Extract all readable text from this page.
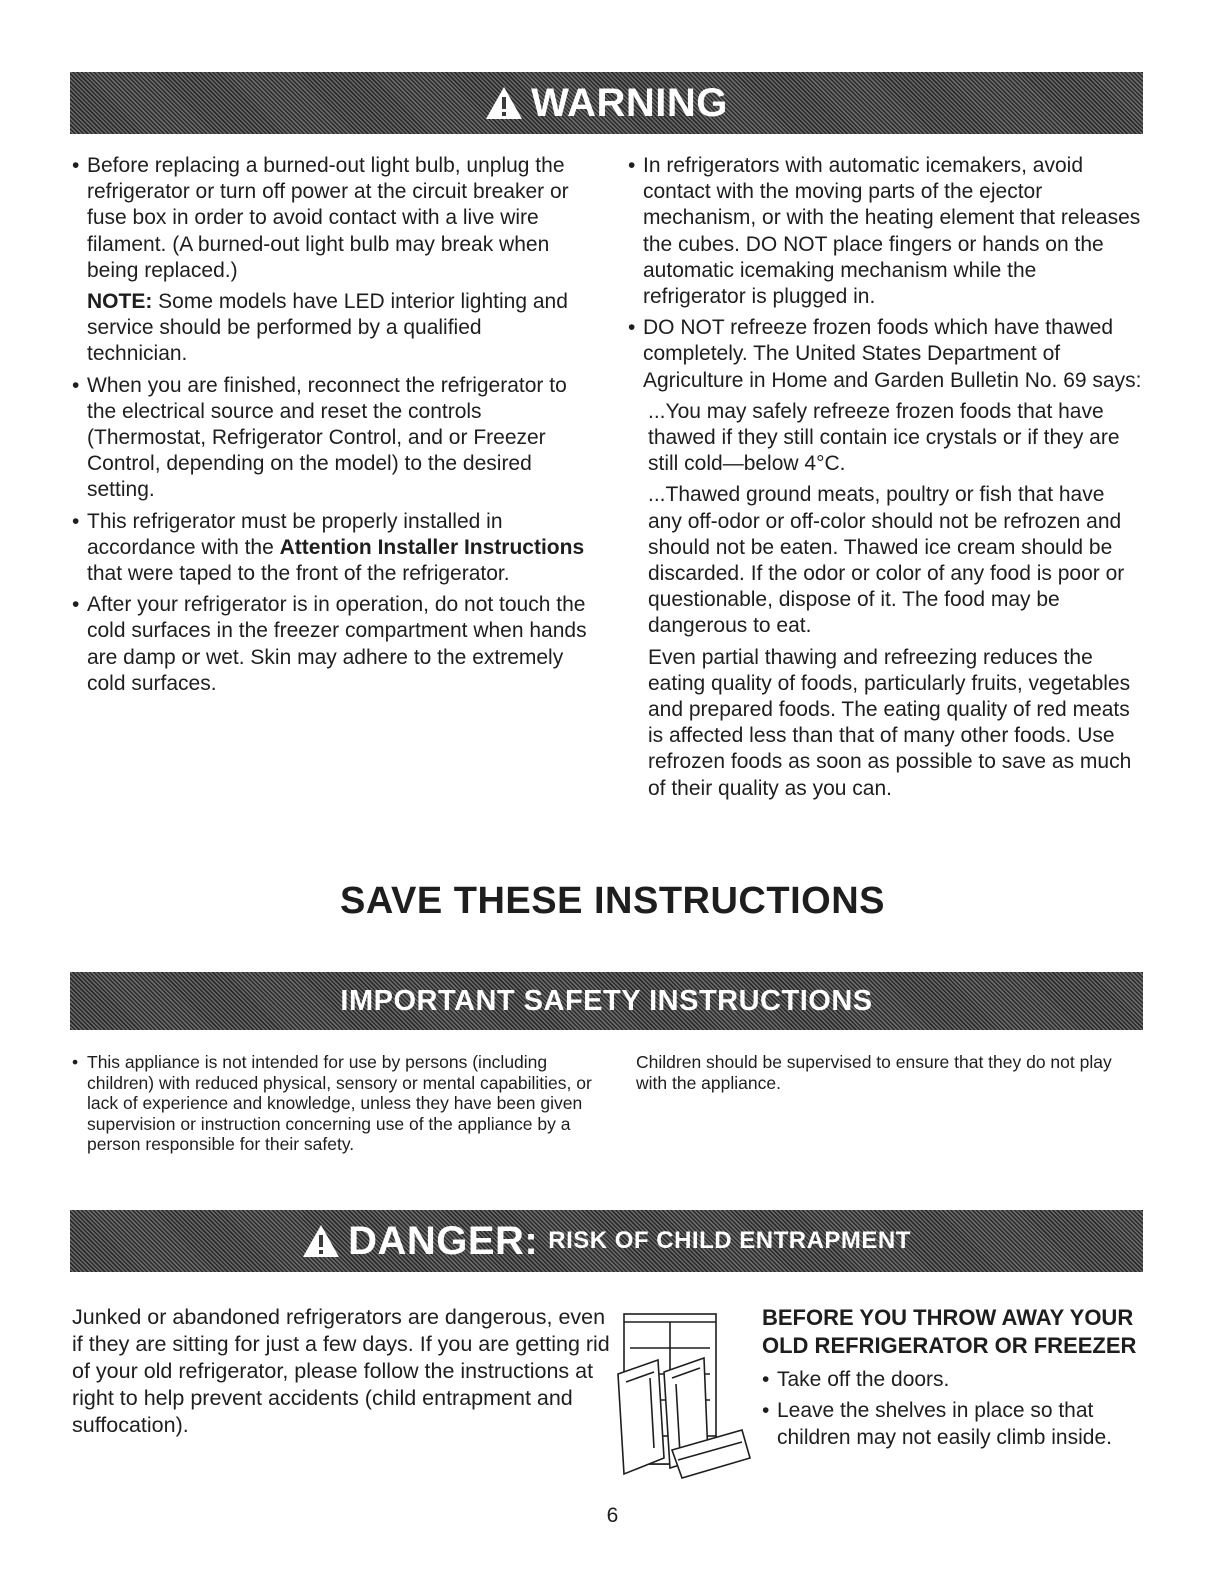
WARNING
• Before replacing a burned-out light bulb, unplug the refrigerator or turn off power at the circuit breaker or fuse box in order to avoid contact with a live wire filament. (A burned-out light bulb may break when being replaced.)
NOTE: Some models have LED interior lighting and service should be performed by a qualified technician.
• When you are finished, reconnect the refrigerator to the electrical source and reset the controls (Thermostat, Refrigerator Control, and or Freezer Control, depending on the model) to the desired setting.
• This refrigerator must be properly installed in accordance with the Attention Installer Instructions that were taped to the front of the refrigerator.
• After your refrigerator is in operation, do not touch the cold surfaces in the freezer compartment when hands are damp or wet. Skin may adhere to the extremely cold surfaces.
• In refrigerators with automatic icemakers, avoid contact with the moving parts of the ejector mechanism, or with the heating element that releases the cubes. DO NOT place fingers or hands on the automatic icemaking mechanism while the refrigerator is plugged in.
• DO NOT refreeze frozen foods which have thawed completely. The United States Department of Agriculture in Home and Garden Bulletin No. 69 says:
...You may safely refreeze frozen foods that have thawed if they still contain ice crystals or if they are still cold—below 4°C.
...Thawed ground meats, poultry or fish that have any off-odor or off-color should not be refrozen and should not be eaten. Thawed ice cream should be discarded. If the odor or color of any food is poor or questionable, dispose of it. The food may be dangerous to eat.
Even partial thawing and refreezing reduces the eating quality of foods, particularly fruits, vegetables and prepared foods. The eating quality of red meats is affected less than that of many other foods. Use refrozen foods as soon as possible to save as much of their quality as you can.
SAVE THESE INSTRUCTIONS
IMPORTANT SAFETY INSTRUCTIONS
• This appliance is not intended for use by persons (including children) with reduced physical, sensory or mental capabilities, or lack of experience and knowledge, unless they have been given supervision or instruction concerning use of the appliance by a person responsible for their safety.
Children should be supervised to ensure that they do not play with the appliance.
DANGER: RISK OF CHILD ENTRAPMENT
Junked or abandoned refrigerators are dangerous, even if they are sitting for just a few days. If you are getting rid of your old refrigerator, please follow the instructions at right to help prevent accidents (child entrapment and suffocation).
BEFORE YOU THROW AWAY YOUR OLD REFRIGERATOR OR FREEZER
• Take off the doors.
• Leave the shelves in place so that children may not easily climb inside.
6
